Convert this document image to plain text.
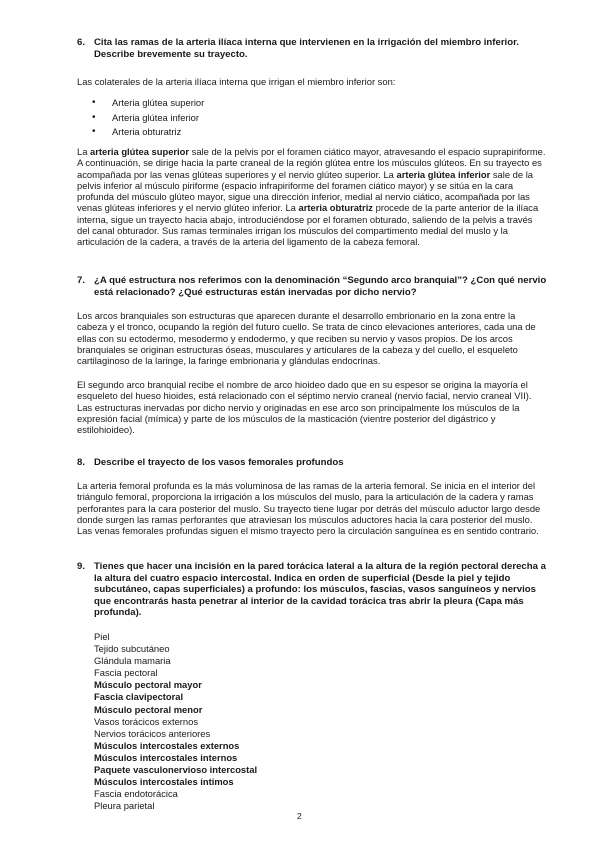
6. Cita las ramas de la arteria ilíaca interna que intervienen en la irrigación del miembro inferior. Describe brevemente su trayecto.

Las colaterales de la arteria ilíaca interna que irrigan el miembro inferior son:

• Arteria glútea superior
• Arteria glútea inferior
• Arteria obturatriz

La arteria glútea superior sale de la pelvis por el foramen ciático mayor, atravesando el espacio suprapiriforme. A continuación, se dirige hacia la parte craneal de la región glútea entre los músculos glúteos. En su trayecto es acompañada por las venas glúteas superiores y el nervio glúteo superior. La arteria glútea inferior sale de la pelvis inferior al músculo piriforme (espacio infrapiriforme del foramen ciático mayor) y se sitúa en la cara profunda del músculo glúteo mayor, sigue una dirección inferior, medial al nervio ciático, acompañada por las venas glúteas inferiores y el nervio glúteo inferior. La arteria obturatriz procede de la parte anterior de la ilíaca interna, sigue un trayecto hacia abajo, introduciéndose por el foramen obturado, saliendo de la pelvis a través del canal obturador. Sus ramas terminales irrigan los músculos del compartimento medial del muslo y la articulación de la cadera, a través de la arteria del ligamento de la cabeza femoral.

7. ¿A qué estructura nos referimos con la denominación “Segundo arco branquial”? ¿Con qué nervio está relacionado? ¿Qué estructuras están inervadas por dicho nervio?

Los arcos branquiales son estructuras que aparecen durante el desarrollo embrionario en la zona entre la cabeza y el tronco, ocupando la región del futuro cuello. Se trata de cinco elevaciones anteriores, cada una de ellas con su ectodermo, mesodermo y endodermo, y que reciben su nervio y vasos propios. De los arcos branquiales se originan estructuras óseas, musculares y articulares de la cabeza y del cuello, el esqueleto cartilaginoso de la laringe, la faringe embrionaria y glándulas endocrinas.

El segundo arco branquial recibe el nombre de arco hioideo dado que en su espesor se origina la mayoría el esqueleto del hueso hioides, está relacionado con el séptimo nervio craneal (nervio facial, nervio craneal VII). Las estructuras inervadas por dicho nervio y originadas en ese arco son principalmente los músculos de la expresión facial (mímica) y parte de los músculos de la masticación (vientre posterior del digástrico y estilohioideo).

8. Describe el trayecto de los vasos femorales profundos

La arteria femoral profunda es la más voluminosa de las ramas de la arteria femoral. Se inicia en el interior del triángulo femoral, proporciona la irrigación a los músculos del muslo, para la articulación de la cadera y ramas perforantes para la cara posterior del muslo. Su trayecto tiene lugar por detrás del músculo aductor largo desde donde surgen las ramas perforantes que atraviesan los músculos aductores hacia la cara posterior del muslo. Las venas femorales profundas siguen el mismo trayecto pero la circulación sanguínea es en sentido contrario.

9. Tienes que hacer una incisión en la pared torácica lateral a la altura de la región pectoral derecha a la altura del cuatro espacio intercostal. Indica en orden de superficial (Desde la piel y tejido subcutáneo, capas superficiales) a profundo: los músculos, fascias, vasos sanguíneos y nervios que encontrarás hasta penetrar al interior de la cavidad torácica tras abrir la pleura (Capa más profunda).
Piel
Tejido subcutáneo
Glándula mamaria
Fascia pectoral
Músculo pectoral mayor
Fascia clavipectoral
Músculo pectoral menor
Vasos torácicos externos
Nervios torácicos anteriores
Músculos intercostales externos
Músculos intercostales internos
Paquete vasculonervioso intercostal
Músculos intercostales íntimos
Fascia endotorácica
Pleura parietal
2
